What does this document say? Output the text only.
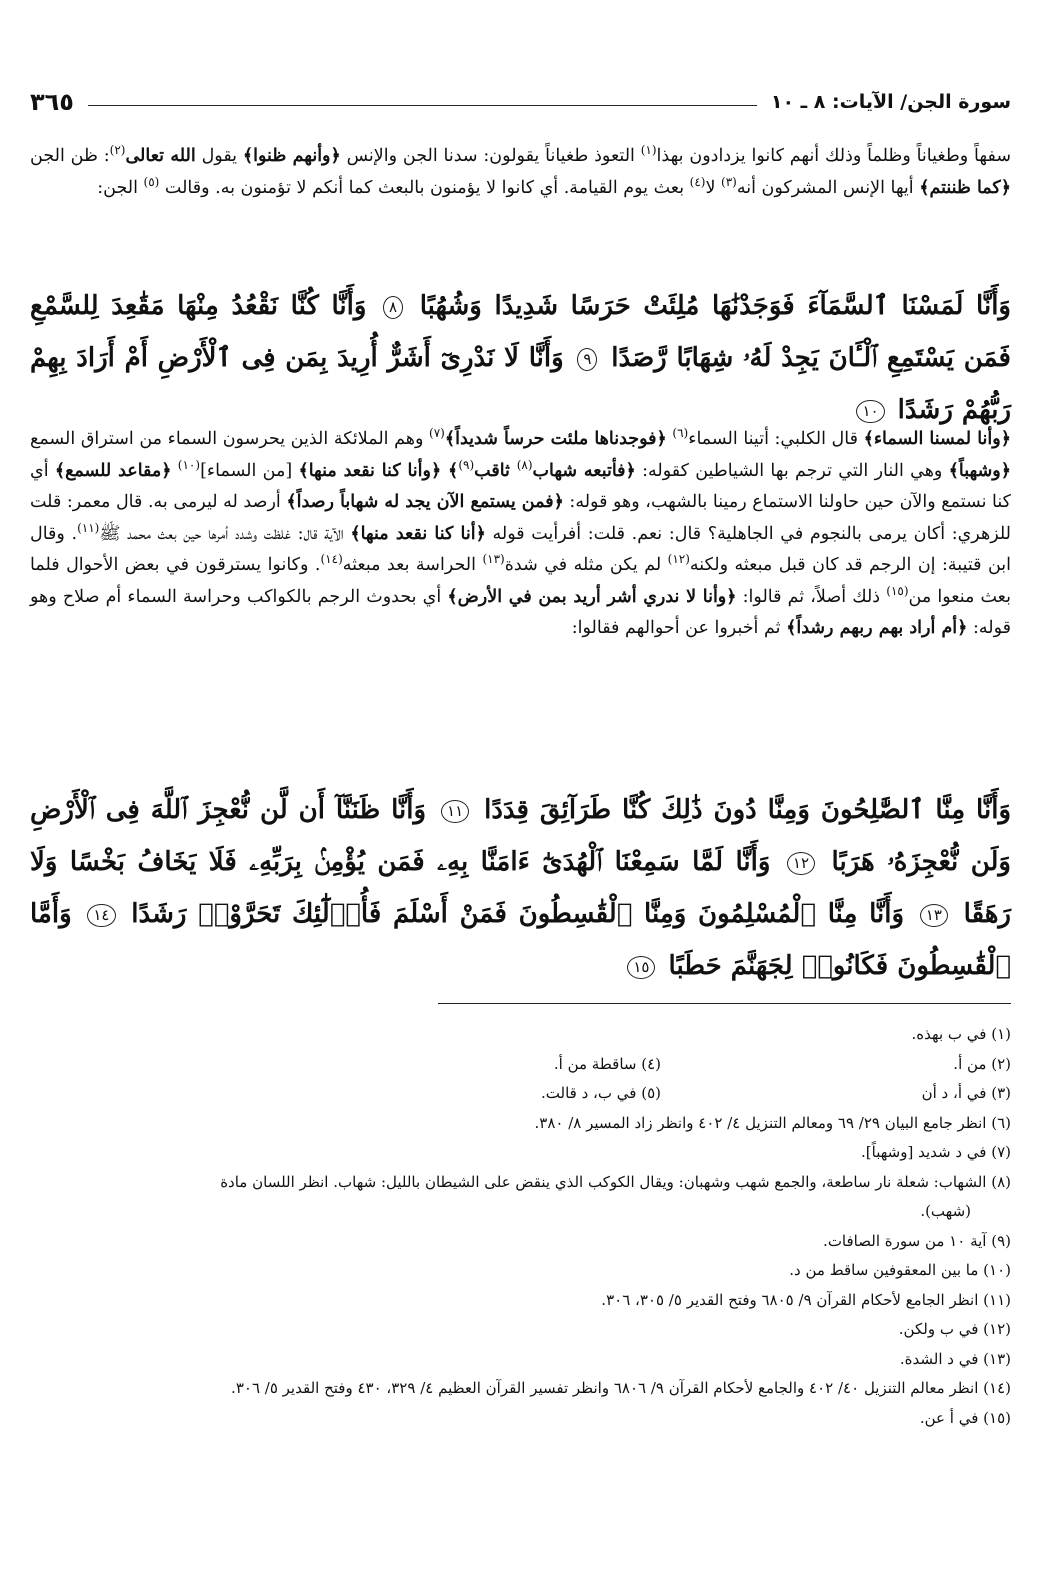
سورة الجن/ الآيات: ٨ ـ ١٠
٣٦٥
سفهاً وطغياناً وظلماً وذلك أنهم كانوا يزدادون بهذا$^{(١)}$ التعوذ طغياناً يقولون: سدنا الجن والإنس ﴿وأنهم ظنوا﴾ يقول الله تعالى$^{(٢)}$: ظن الجن ﴿كما ظننتم﴾ أيها الإنس المشركون أنه$^{(٣)}$ لا$^{(٤)}$ بعث يوم القيامة. أي كانوا لا يؤمنون بالبعث كما أنكم لا تؤمنون به. وقالت $^{(٥)}$ الجن:
وَأَنَّا لَمَسْنَا ٱلسَّمَآءَ فَوَجَدْنَٰهَا مُلِئَتْ حَرَسًا شَدِيدًا وَشُهُبًا ٨ وَأَنَّا كُنَّا نَقْعُدُ مِنْهَا مَقَٰعِدَ لِلسَّمْعِ فَمَن يَسْتَمِعِ ٱلْـَٔانَ يَجِدْ لَهُۥ شِهَابًا رَّصَدًا ٩ وَأَنَّا لَا نَدْرِىٓ أَشَرٌّ أُرِيدَ بِمَن فِى ٱلْأَرْضِ أَمْ أَرَادَ بِهِمْ رَبُّهُمْ رَشَدًا ١٠
﴿وأنا لمسنا السماء﴾ قال الكلبي: أتينا السماء$^{(٦)}$ ﴿فوجدناها ملئت حرساً شديداً﴾$^{(٧)}$ وهم الملائكة الذين يحرسون السماء من استراق السمع ﴿وشهباً﴾ وهي النار التي ترجم بها الشياطين كقوله: ﴿فأتبعه شهاب$^{(٨)}$ ثاقب$^{(٩)}$﴾ ﴿وأنا كنا نقعد منها﴾ [من السماء]$^{(١٠)}$ ﴿مقاعد للسمع﴾ أي كنا نستمع والآن حين حاولنا الاستماع رمينا بالشهب، وهو قوله: ﴿فمن يستمع الآن يجد له شهاباً رصداً﴾ أرصد له ليرمى به. قال معمر: قلت للزهري: أكان يرمى بالنجوم في الجاهلية؟ قال: نعم. قلت: أفرأيت قوله ﴿أنا كنا نقعد منها﴾ الآية قال: غلظت وشدد أمرها حين بعث محمد ﷺ$^{(١١)}$. وقال ابن قتيبة: إن الرجم قد كان قبل مبعثه ولكنه$^{(١٢)}$ لم يكن مثله في شدة$^{(١٣)}$ الحراسة بعد مبعثه$^{(١٤)}$. وكانوا يسترقون في بعض الأحوال فلما بعث منعوا من$^{(١٥)}$ ذلك أصلاً، ثم قالوا: ﴿وأنا لا ندري أشر أريد بمن في الأرض﴾ أي بحدوث الرجم بالكواكب وحراسة السماء أم صلاح وهو قوله: ﴿أم أراد بهم ربهم رشداً﴾ ثم أخبروا عن أحوالهم فقالوا:
وَأَنَّا مِنَّا ٱلصَّٰلِحُونَ وَمِنَّا دُونَ ذَٰلِكَ كُنَّا طَرَآئِقَ قِدَدًا ١١ وَأَنَّا ظَنَنَّآ أَن لَّن نُّعْجِزَ ٱللَّهَ فِى ٱلْأَرْضِ وَلَن نُّعْجِزَهُۥ هَرَبًا ١٢ وَأَنَّا لَمَّا سَمِعْنَا ٱلْهُدَىٰٓ ءَامَنَّا بِهِۦ فَمَن يُؤْمِنۢ بِرَبِّهِۦ فَلَا يَخَافُ بَخْسًا وَلَا رَهَقًا ١٣ وَأَنَّا مِنَّا ٱلْمُسْلِمُونَ وَمِنَّا ٱلْقَٰسِطُونَ فَمَنْ أَسْلَمَ فَأُو۟لَٰٓئِكَ تَحَرَّوْا۟ رَشَدًا ١٤ وَأَمَّا ٱلْقَٰسِطُونَ فَكَانُوا۟ لِجَهَنَّمَ حَطَبًا ١٥
(١) في ب بهذه.
(٢) من أ.
(٤) ساقطة من أ.
(٣) في أ، د أن
(٥) في ب، د قالت.
(٦) انظر جامع البيان ٢٩/ ٦٩ ومعالم التنزيل ٤/ ٤٠٢ وانظر زاد المسير ٨/ ٣٨٠.
(٧) في د شديد [وشهباً].
(٨) الشهاب: شعلة نار ساطعة، والجمع شهب وشهبان: ويقال الكوكب الذي ينقض على الشيطان بالليل: شهاب. انظر اللسان مادة
(شهب).
(٩) آية ١٠ من سورة الصافات.
(١٠) ما بين المعقوفين ساقط من د.
(١١) انظر الجامع لأحكام القرآن ٩/ ٦٨٠٥ وفتح القدير ٥/ ٣٠٥، ٣٠٦.
(١٢) في ب ولكن.
(١٣) في د الشدة.
(١٤) انظر معالم التنزيل ٤٠/ ٤٠٢ والجامع لأحكام القرآن ٩/ ٦٨٠٦ وانظر تفسير القرآن العظيم ٤/ ٣٢٩، ٤٣٠ وفتح القدير ٥/ ٣٠٦.
(١٥) في أ عن.
